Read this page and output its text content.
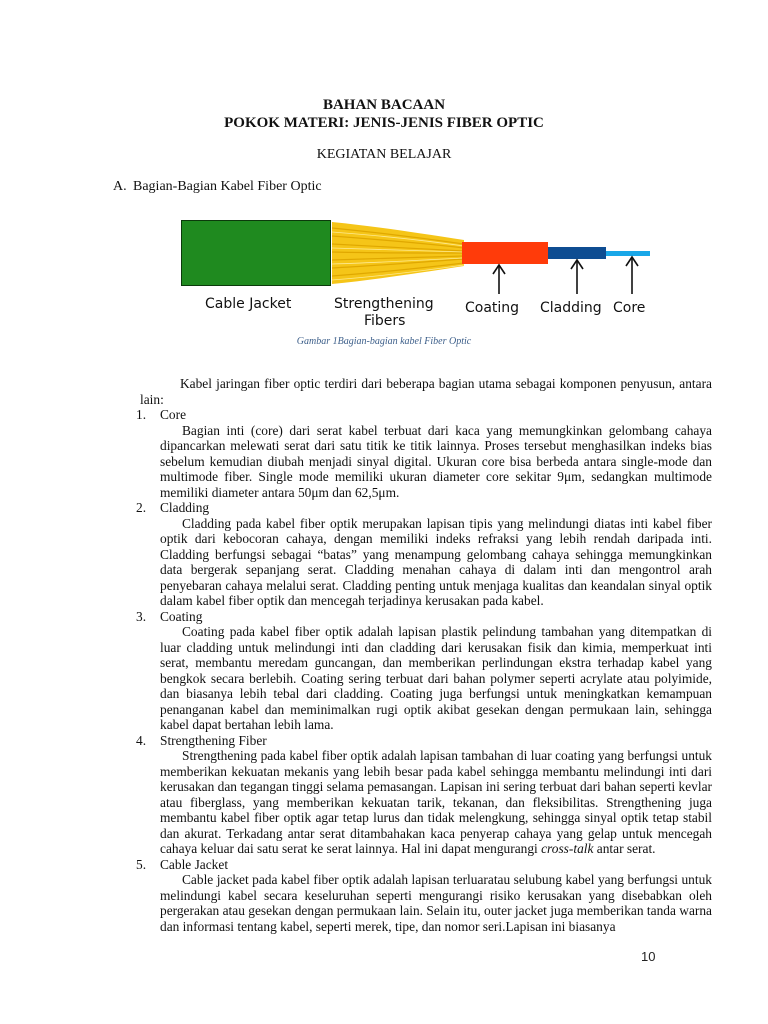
BAHAN BACAAN
POKOK MATERI: JENIS-JENIS FIBER OPTIC
KEGIATAN BELAJAR
A. Bagian-Bagian Kabel Fiber Optic
Cable Jacket	Strengthening
Fibers
Coating Cladding Core
Gambar 1Bagian-bagian kabel Fiber Optic

Kabel jaringan fiber optic terdiri dari beberapa bagian utama sebagai komponen penyusun, antara lain:

1. Core

Bagian inti (core) dari serat kabel terbuat dari kaca yang memungkinkan gelombang cahaya dipancarkan melewati serat dari satu titik ke titik lainnya. Proses tersebut menghasilkan indeks bias sebelum kemudian diubah menjadi sinyal digital. Ukuran core bisa berbeda antara single-mode dan multimode fiber. Single mode memiliki ukuran diameter core sekitar 9μm, sedangkan multimode memiliki diameter antara 50μm dan 62,5μm.

2. Cladding

Cladding pada kabel fiber optik merupakan lapisan tipis yang melindungi diatas inti kabel fiber optik dari kebocoran cahaya, dengan memiliki indeks refraksi yang lebih rendah daripada inti. Cladding berfungsi sebagai “batas” yang menampung gelombang cahaya sehingga memungkinkan data bergerak sepanjang serat. Cladding menahan cahaya di dalam inti dan mengontrol arah penyebaran cahaya melalui serat. Cladding penting untuk menjaga kualitas dan keandalan sinyal optik dalam kabel fiber optik dan mencegah terjadinya kerusakan pada kabel.

3. Coating

Coating pada kabel fiber optik adalah lapisan plastik pelindung tambahan yang ditempatkan di luar cladding untuk melindungi inti dan cladding dari kerusakan fisik dan kimia, memperkuat inti serat, membantu meredam guncangan, dan memberikan perlindungan ekstra terhadap kabel yang bengkok secara berlebih. Coating sering terbuat dari bahan polymer seperti acrylate atau polyimide, dan biasanya lebih tebal dari cladding. Coating juga berfungsi untuk meningkatkan kemampuan penanganan kabel dan meminimalkan rugi optik akibat gesekan dengan permukaan lain, sehingga kabel dapat bertahan lebih lama.

4. Strengthening Fiber

Strengthening pada kabel fiber optik adalah lapisan tambahan di luar coating yang berfungsi untuk memberikan kekuatan mekanis yang lebih besar pada kabel sehingga membantu melindungi inti dari kerusakan dan tegangan tinggi selama pemasangan. Lapisan ini sering terbuat dari bahan seperti kevlar atau fiberglass, yang memberikan kekuatan tarik, tekanan, dan fleksibilitas. Strengthening juga membantu kabel fiber optik agar tetap lurus dan tidak melengkung, sehingga sinyal optik tetap stabil dan akurat. Terkadang antar serat ditambahakan kaca penyerap cahaya yang gelap untuk mencegah cahaya keluar dai satu serat ke serat lainnya. Hal ini dapat mengurangi cross-talk antar serat.

5. Cable Jacket

Cable jacket pada kabel fiber optik adalah lapisan terluaratau selubung kabel yang berfungsi untuk melindungi kabel secara keseluruhan seperti mengurangi risiko kerusakan yang disebabkan oleh pergerakan atau gesekan dengan permukaan lain. Selain itu, outer jacket juga memberikan tanda warna dan informasi tentang kabel, seperti merek, tipe, dan nomor seri.Lapisan ini biasanya

10
